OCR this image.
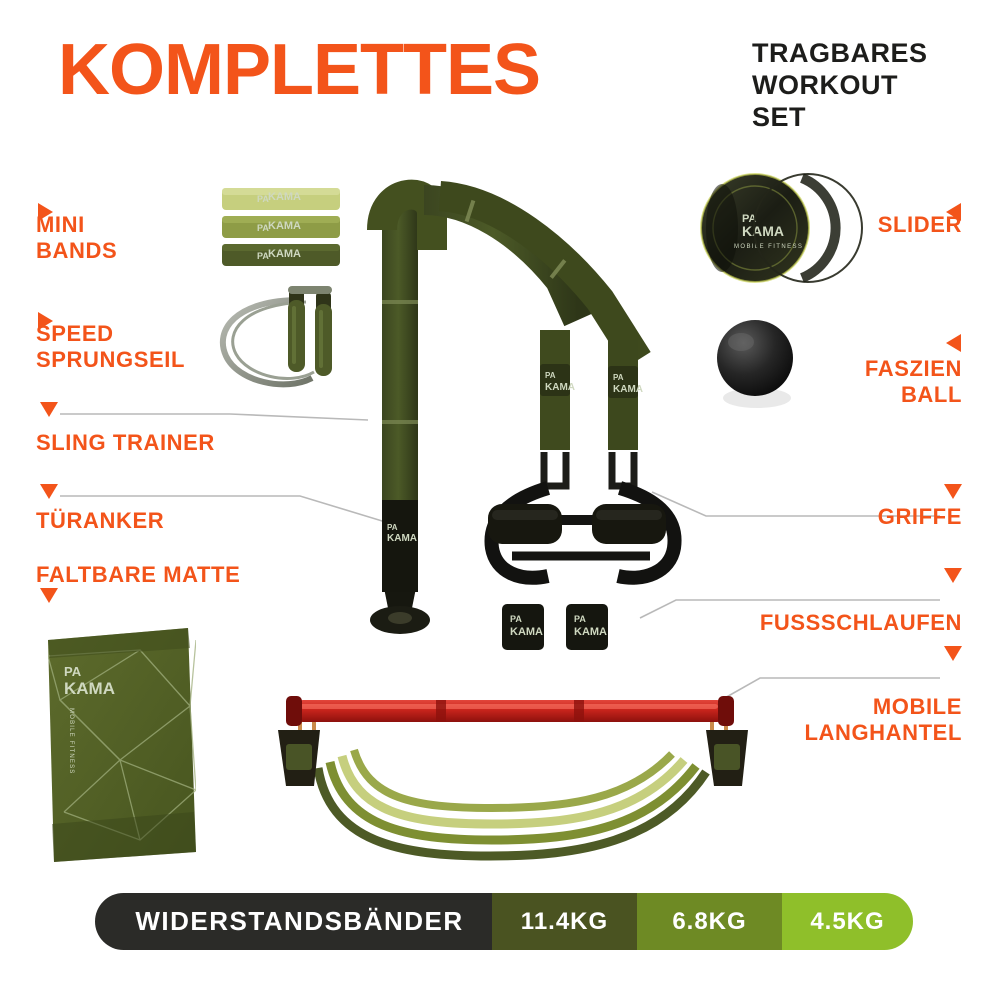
KOMPLETTES	TRAGBARES
WORKOUT
SET
PA
PA
PA
KAMA
KAMA
KAMA
PA
KAMA
PA
KAMA
PA
KAMA
PA
KAMA
MOBILE FITNESS
PA
KAMA
PA
KAMA
PA
KAMA
MOBILE FITNESS
MINI
BANDS
SPEED
SPRUNGSEIL
SLING TRAINER
TÜRANKER
FALTBARE MATTE
SLIDER
FASZIEN
BALL
GRIFFE
FUSSSCHLAUFEN
MOBILE
LANGHANTEL
WIDERSTANDSBÄNDER	11.4KG	6.8KG	4.5KG
